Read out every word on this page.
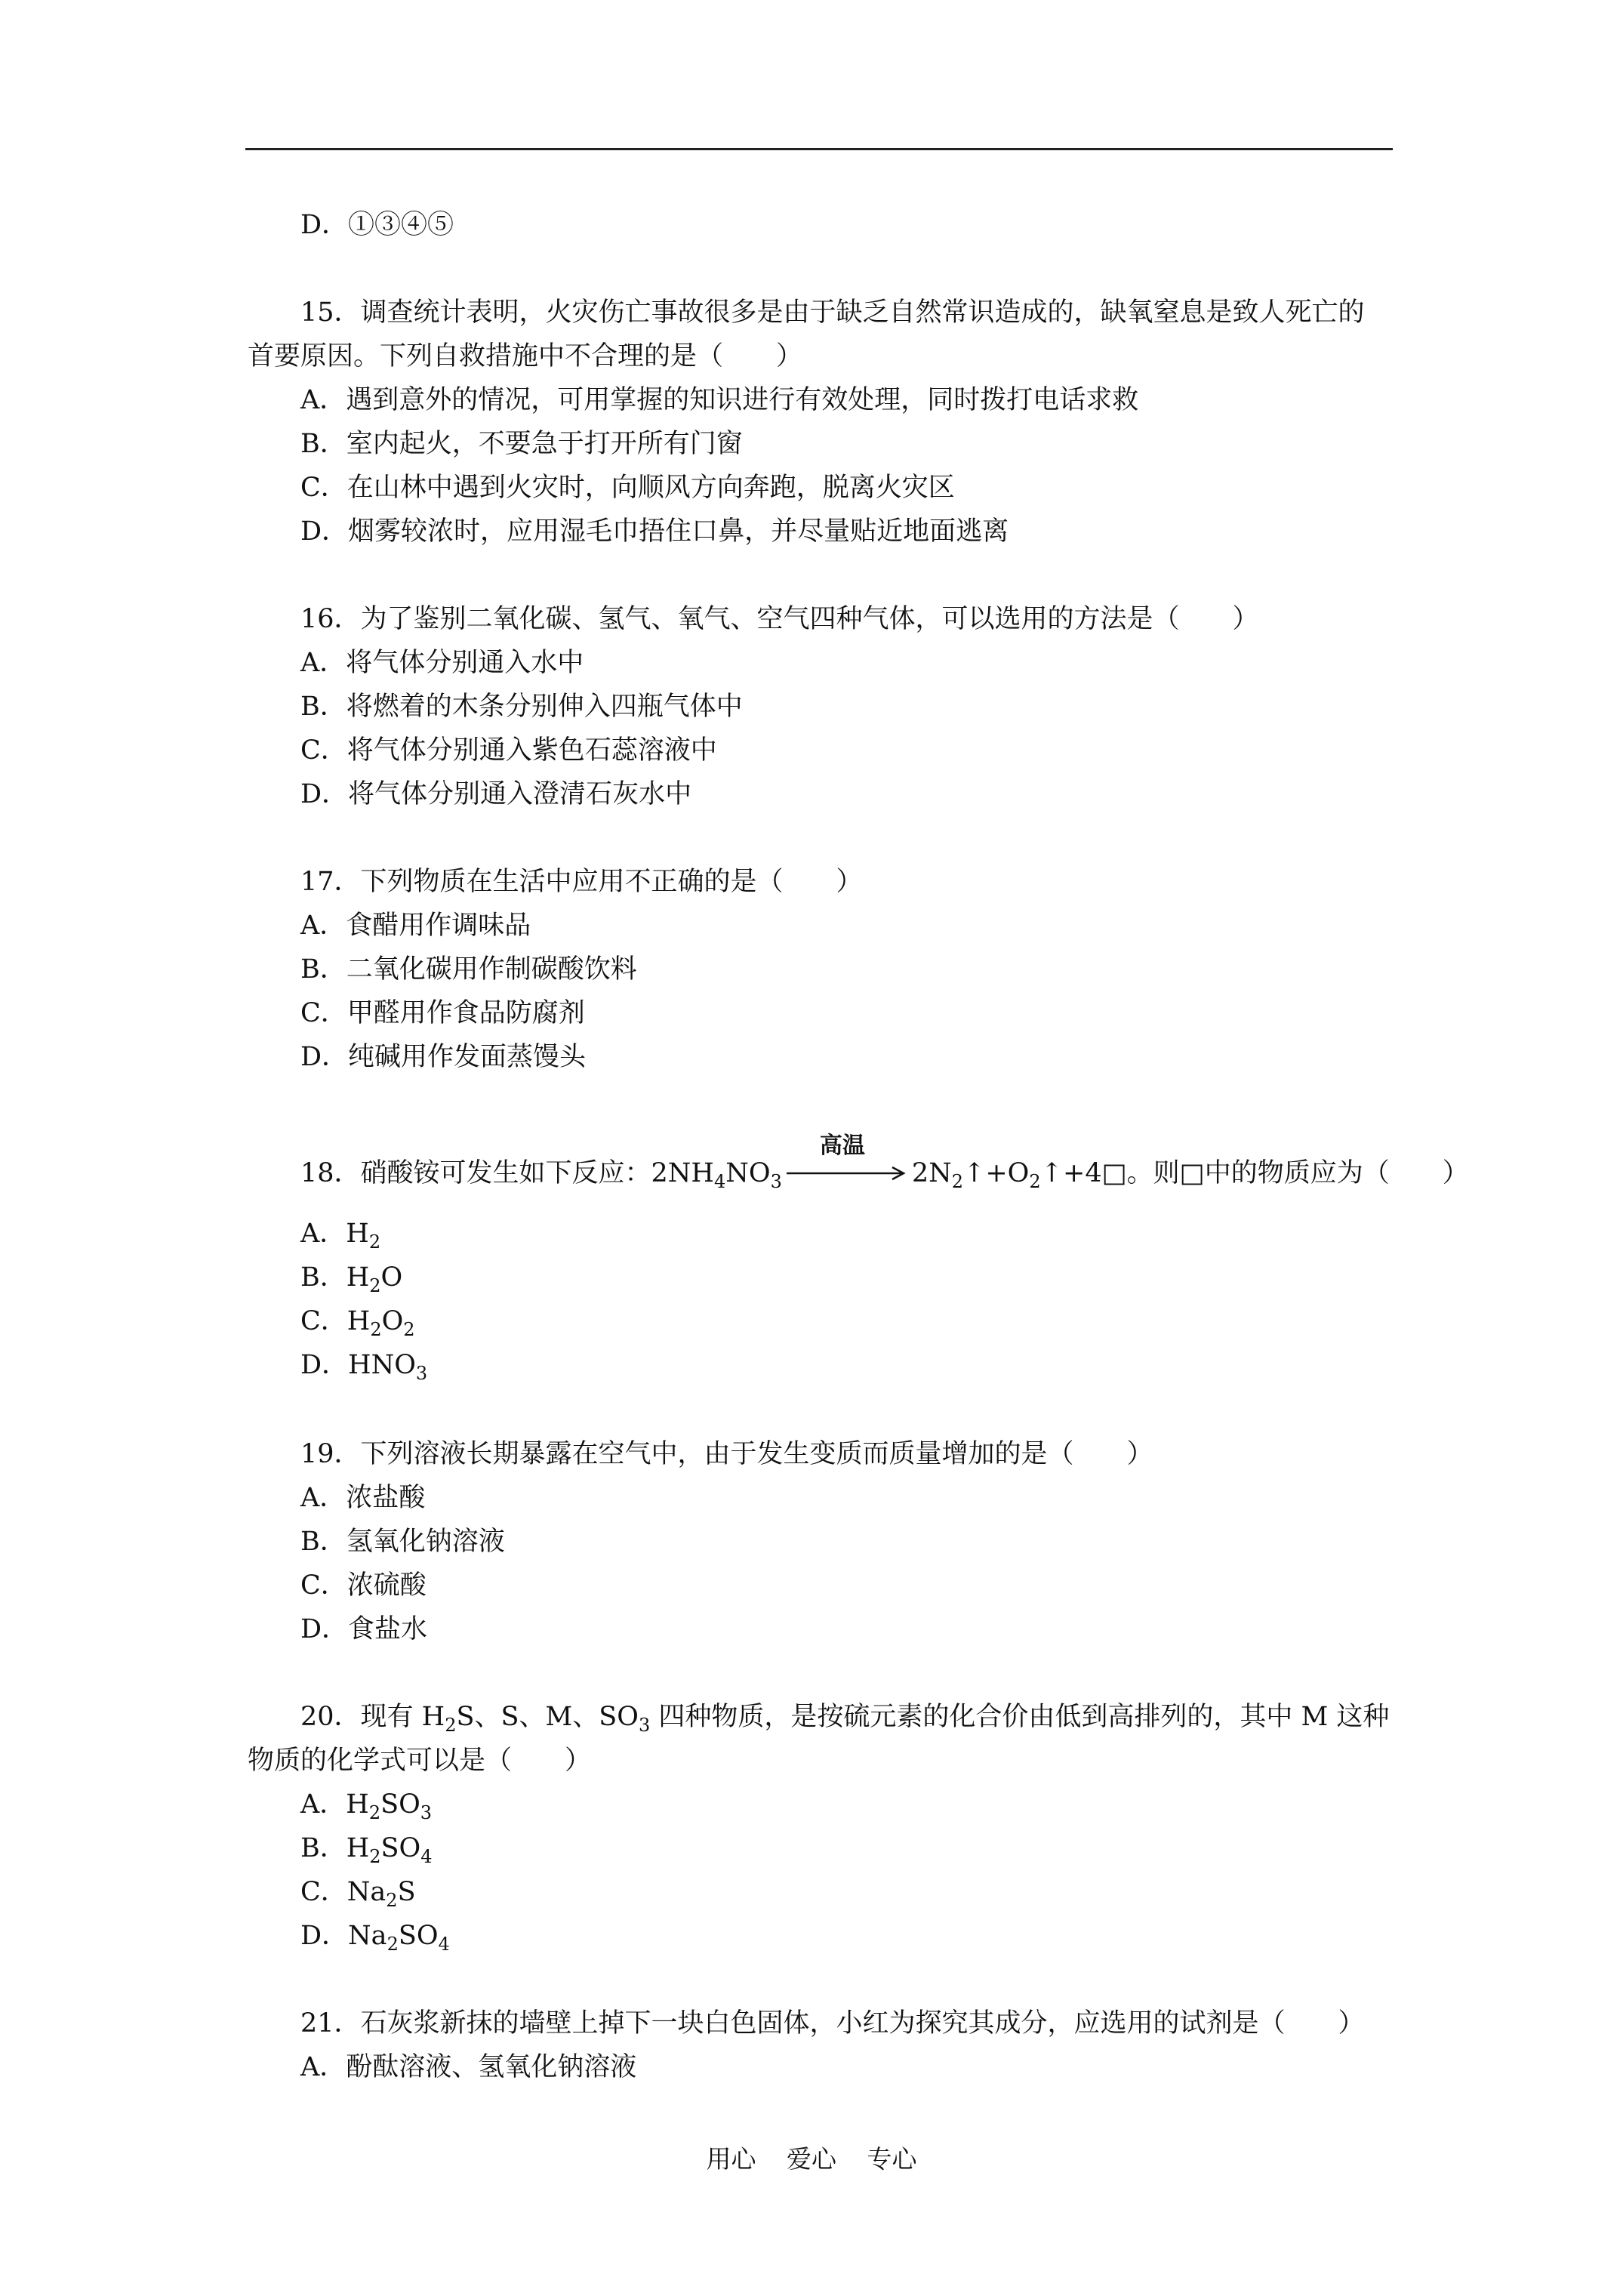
D．①③④⑤
15．调查统计表明，火灾伤亡事故很多是由于缺乏自然常识造成的，缺氧窒息是致人死亡的
首要原因。下列自救措施中不合理的是（　　）
A．遇到意外的情况，可用掌握的知识进行有效处理，同时拨打电话求救
B．室内起火，不要急于打开所有门窗
C．在山林中遇到火灾时，向顺风方向奔跑，脱离火灾区
D．烟雾较浓时，应用湿毛巾捂住口鼻，并尽量贴近地面逃离
16．为了鉴别二氧化碳、氢气、氧气、空气四种气体，可以选用的方法是（　　）
A．将气体分别通入水中
B．将燃着的木条分别伸入四瓶气体中
C．将气体分别通入紫色石蕊溶液中
D．将气体分别通入澄清石灰水中
17．下列物质在生活中应用不正确的是（　　）
A．食醋用作调味品
B．二氧化碳用作制碳酸饮料
C．甲醛用作食品防腐剂
D．纯碱用作发面蒸馒头
18．硝酸铵可发生如下反应：$2NH_4NO_3$
高温
$2N_2↑+O_2↑+4□$。则□中的物质应为（　　）
A．$H_2$
B．$H_2O$
C．$H_2O_2$
D．$HNO_3$
19．下列溶液长期暴露在空气中，由于发生变质而质量增加的是（　　）
A．浓盐酸
B．氢氧化钠溶液
C．浓硫酸
D．食盐水
20．现有 $H_2S$、S、M、$SO_3$ 四种物质，是按硫元素的化合价由低到高排列的，其中 M 这种
物质的化学式可以是（　　）
A．$H_2SO_3$
B．$H_2SO_4$
C．$Na_2S$
D．$Na_2SO_4$
21．石灰浆新抹的墙壁上掉下一块白色固体，小红为探究其成分，应选用的试剂是（　　）
A．酚酞溶液、氢氧化钠溶液
用心 爱心 专心
